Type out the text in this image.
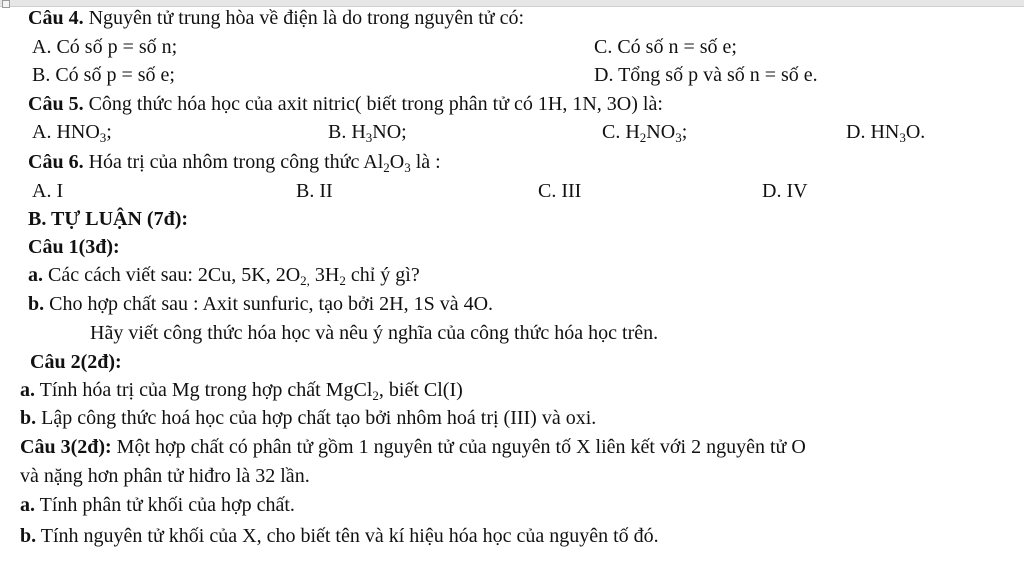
Câu 4. Nguyên tử trung hòa về điện là do trong nguyên tử có:
A. Có số p = số n;	C. Có số n = số e;
B. Có số p = số e;	D. Tổng số p và số n = số e.
Câu 5. Công thức hóa học của axit nitric( biết trong phân tử có 1H, 1N, 3O) là:
A. $HNO_3$;	B. $H_3NO$;	C. $H_2NO_3$;	D. $HN_3O$.
Câu 6. Hóa trị của nhôm trong công thức $Al_2O_3$ là :
A. I	B. II	C. III	D. IV
B. TỰ LUẬN (7đ):
Câu 1(3đ):
a. Các cách viết sau: 2Cu, 5K, $2O_{2,}$ $3H_2$ chỉ ý gì?
b. Cho hợp chất sau : Axit sunfuric, tạo bởi 2H, 1S và 4O.
Hãy viết công thức hóa học và nêu ý nghĩa của công thức hóa học trên.
Câu 2(2đ):
a. Tính hóa trị của Mg trong hợp chất MgCl$_2$, biết Cl(I)
b. Lập công thức hoá học của hợp chất tạo bởi nhôm hoá trị (III) và oxi.
Câu 3(2đ): Một hợp chất có phân tử gồm 1 nguyên tử của nguyên tố X liên kết với 2 nguyên tử O
và nặng hơn phân tử hiđro là 32 lần.
a. Tính phân tử khối của hợp chất.
b. Tính nguyên tử khối của X, cho biết tên và kí hiệu hóa học của nguyên tố đó.
